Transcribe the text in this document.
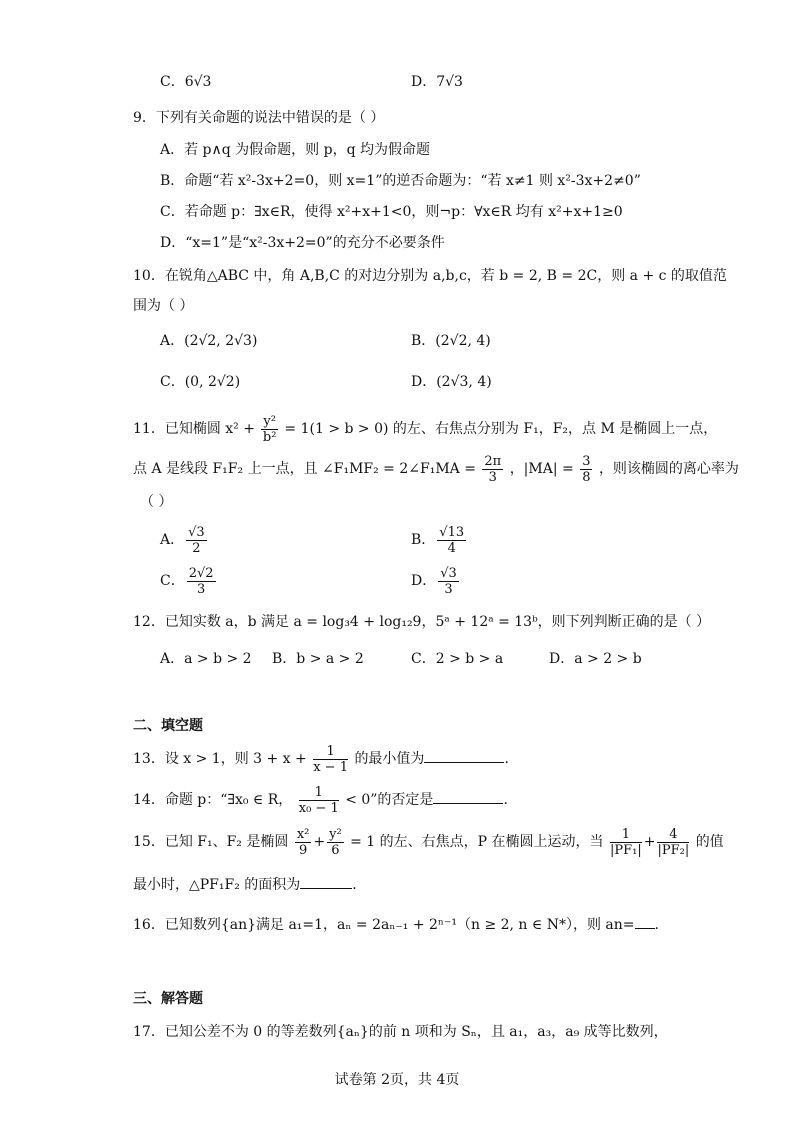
C．6√3	D．7√3
9．下列有关命题的说法中错误的是（ ）
A．若 p∧q 为假命题，则 p，q 均为假命题
B．命题“若 x²-3x+2=0，则 x=1”的逆否命题为：“若 x≠1 则 x²-3x+2≠0”
C．若命题 p：∃x∈R，使得 x²+x+1<0，则¬p：∀x∈R 均有 x²+x+1≥0
D．“x=1”是“x²-3x+2=0”的充分不必要条件
10．在锐角△ABC 中，角 A,B,C 的对边分别为 a,b,c，若 b = 2, B = 2C，则 a + c 的取值范
围为（ ）
A．(2√2, 2√3)	B．(2√2, 4)
C．(0, 2√2)	D．(2√3, 4)
11．已知椭圆 $x^2 + \frac{\text{y²}}{\text{b²}} = 1(1 > b > 0)$ 的左、右焦点分别为 F₁，F₂，点 M 是椭圆上一点，
点 A 是线段 F₁F₂ 上一点，且 ∠F₁MF₂ = 2∠F₁MA = $\frac{2\pi}{3}$ ，$|MA| = \frac{3}{8}$ ，则该椭圆的离心率为
（ ）
A． $\frac{√3}{2}$	B． $\frac{√13}{4}$
C． $\frac{2√2}{3}$	D． $\frac{√3}{3}$
12．已知实数 a，b 满足 a = log₃4 + log₁₂9，5ᵃ + 12ᵃ = 13ᵇ，则下列判断正确的是（ ）
A．a > b > 2 B．b > a > 2	C．2 > b > a	D．a > 2 > b
二、填空题
13．设 x > 1，则 $3 + x + \frac{1}{x - 1}$ 的最小值为	.
14．命题 p：“∃x₀ ∈ R， $\frac{1}{\text{x₀ − 1}} < 0$”的否定是	.
15．已知 F₁、F₂ 是椭圆 $\frac{\text{x²}}{9} + \frac{\text{y²}}{6} = 1$ 的左、右焦点，P 在椭圆上运动，当 $\frac{1}{\text{|PF₁|}} + \frac{4}{\text{|PF₂|}}$ 的值
最小时，△PF₁F₂ 的面积为	.
16．已知数列{an}满足 a₁=1，aₙ = 2aₙ₋₁ + 2ⁿ⁻¹（n ≥ 2, n ∈ N*），则 an= .
三、解答题
17．已知公差不为 0 的等差数列{aₙ}的前 n 项和为 Sₙ，且 a₁，a₃，a₉ 成等比数列，
试卷第 2页，共 4页
